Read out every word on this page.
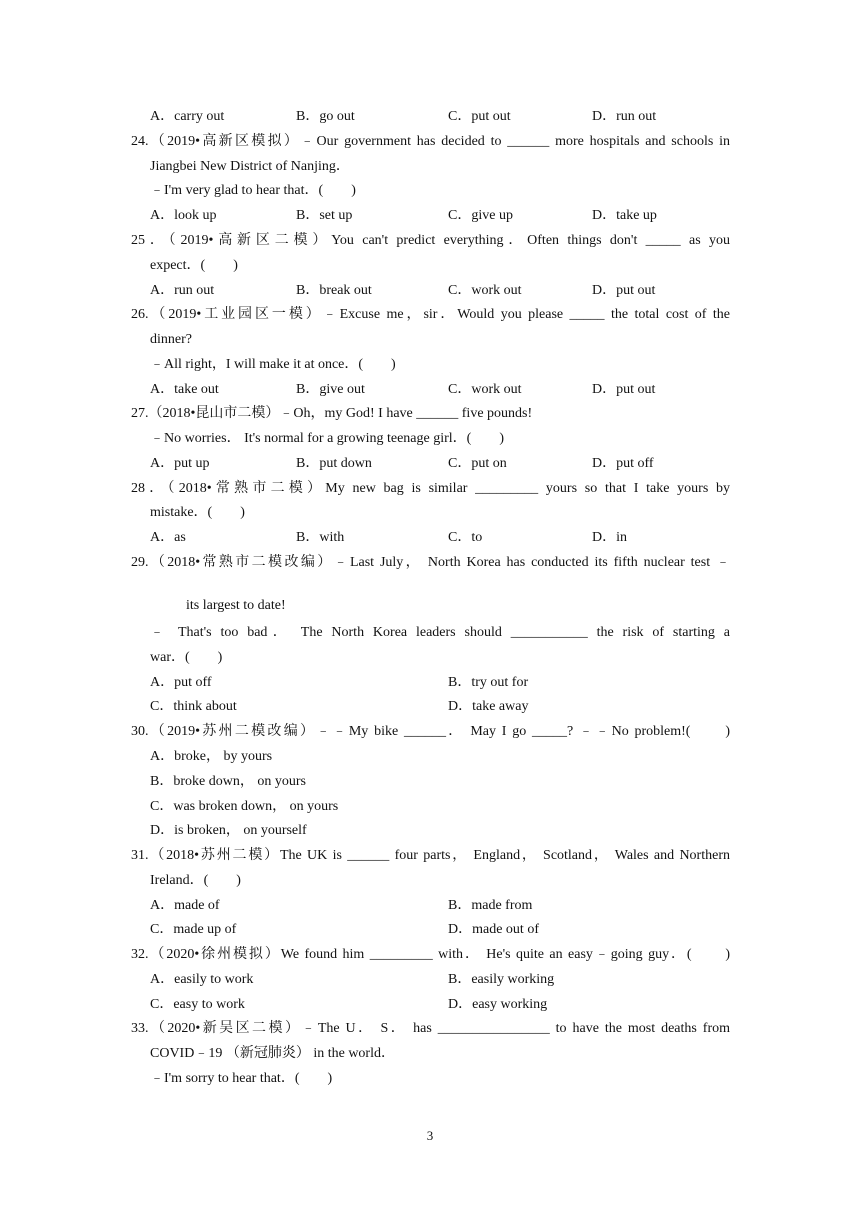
A．carry out	B．go out	C．put out	D．run out
24.（2019•高新区模拟）﹣Our government has decided to ______ more hospitals and schools in
Jiangbei New District of Nanjing．
﹣I'm very glad to hear that．(　　)
A．look up	B．set up	C．give up	D．take up
25．（2019•高新区二模）You can't predict everything．Often things don't _____ as you
expect．(　　)
A．run out	B．break out	C．work out	D．put out
26.（2019•工业园区一模）﹣Excuse me，sir．Would you please _____ the total cost of the
dinner?
﹣All right，I will make it at once．(　　)
A．take out	B．give out	C．work out	D．put out
27.（2018•昆山市二模）﹣Oh，my God! I have ______ five pounds!
﹣No worries． It's normal for a growing teenage girl．(　　)
A．put up	B．put down	C．put on	D．put off
28．（2018•常熟市二模）My new bag is similar _________ yours so that I take yours by
mistake．(　　)
A．as	B．with	C．to	D．in
29.（2018•常熟市二模改编）﹣Last July， North Korea has conducted its fifth nuclear test ﹣
its largest to date!
﹣ That's too bad． The North Korea leaders should ___________ the risk of starting a
war．(　　)
A．put off	B．try out for
C．think about	D．take away
30.（2019•苏州二模改编）﹣﹣My bike ______． May I go _____? ﹣﹣No problem!(　　)
A．broke， by yours
B．broke down， on yours
C．was broken down， on yours
D．is broken， on yourself
31.（2018•苏州二模）The UK is ______ four parts， England， Scotland， Wales and Northern
Ireland．(　　)
A．made of	B．made from
C．made up of	D．made out of
32.（2020•徐州模拟）We found him _________ with． He's quite an easy﹣going guy．(　　)
A．easily to work	B．easily working
C．easy to work	D．easy working
33.（2020•新吴区二模）﹣The U． S． has ________________ to have the most deaths from
COVID﹣19 （新冠肺炎） in the world．
﹣I'm sorry to hear that．(　　)
3
